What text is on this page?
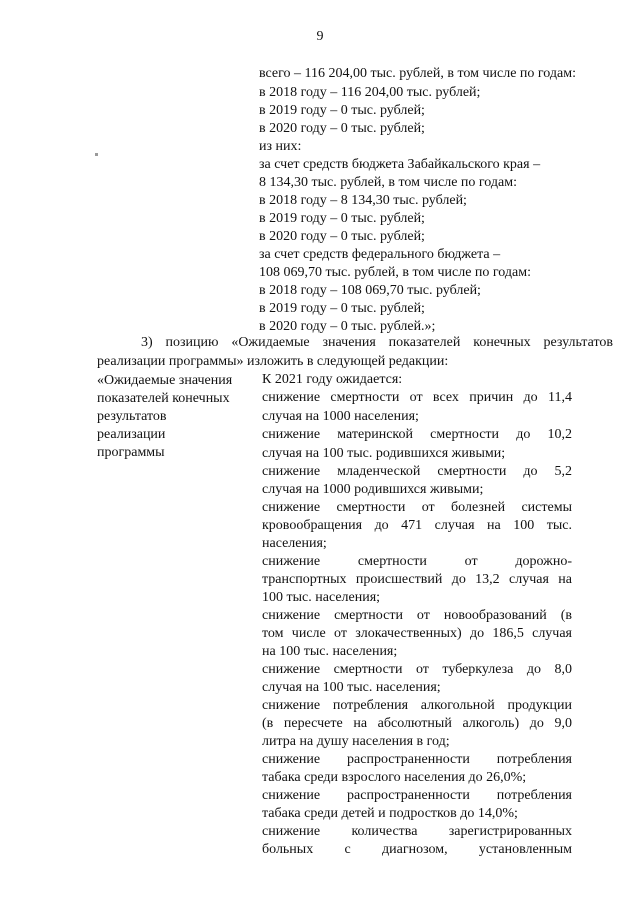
9
всего – 116 204,00 тыс. рублей, в том числе по годам:
в 2018 году – 116 204,00 тыс. рублей;
в 2019 году – 0 тыс. рублей;
в 2020 году – 0 тыс. рублей;
из них:
за счет средств бюджета Забайкальского края –
8 134,30 тыс. рублей, в том числе по годам:
в 2018 году – 8 134,30 тыс. рублей;
в 2019 году – 0 тыс. рублей;
в 2020 году – 0 тыс. рублей;
за счет средств федерального бюджета –
108 069,70 тыс. рублей, в том числе по годам:
в 2018 году – 108 069,70 тыс. рублей;
в 2019 году – 0 тыс. рублей;
в 2020 году – 0 тыс. рублей.»;
3) позицию «Ожидаемые значения показателей конечных результатов
реализации программы» изложить в следующей редакции:
«Ожидаемые значения
показателей конечных
результатов
реализации
программы
К 2021 году ожидается:
снижение смертности от всех причин до 11,4
случая на 1000 населения;
снижение материнской смертности до 10,2
случая на 100 тыс. родившихся живыми;
снижение младенческой смертности до 5,2
случая на 1000 родившихся живыми;
снижение смертности от болезней системы
кровообращения до 471 случая на 100 тыс.
населения;
снижение смертности от дорожно-
транспортных происшествий до 13,2 случая на
100 тыс. населения;
снижение смертности от новообразований (в
том числе от злокачественных) до 186,5 случая
на 100 тыс. населения;
снижение смертности от туберкулеза до 8,0
случая на 100 тыс. населения;
снижение потребления алкогольной продукции
(в пересчете на абсолютный алкоголь) до 9,0
литра на душу населения в год;
снижение распространенности потребления
табака среди взрослого населения до 26,0%;
снижение распространенности потребления
табака среди детей и подростков до 14,0%;
снижение количества зарегистрированных
больных с диагнозом, установленным
